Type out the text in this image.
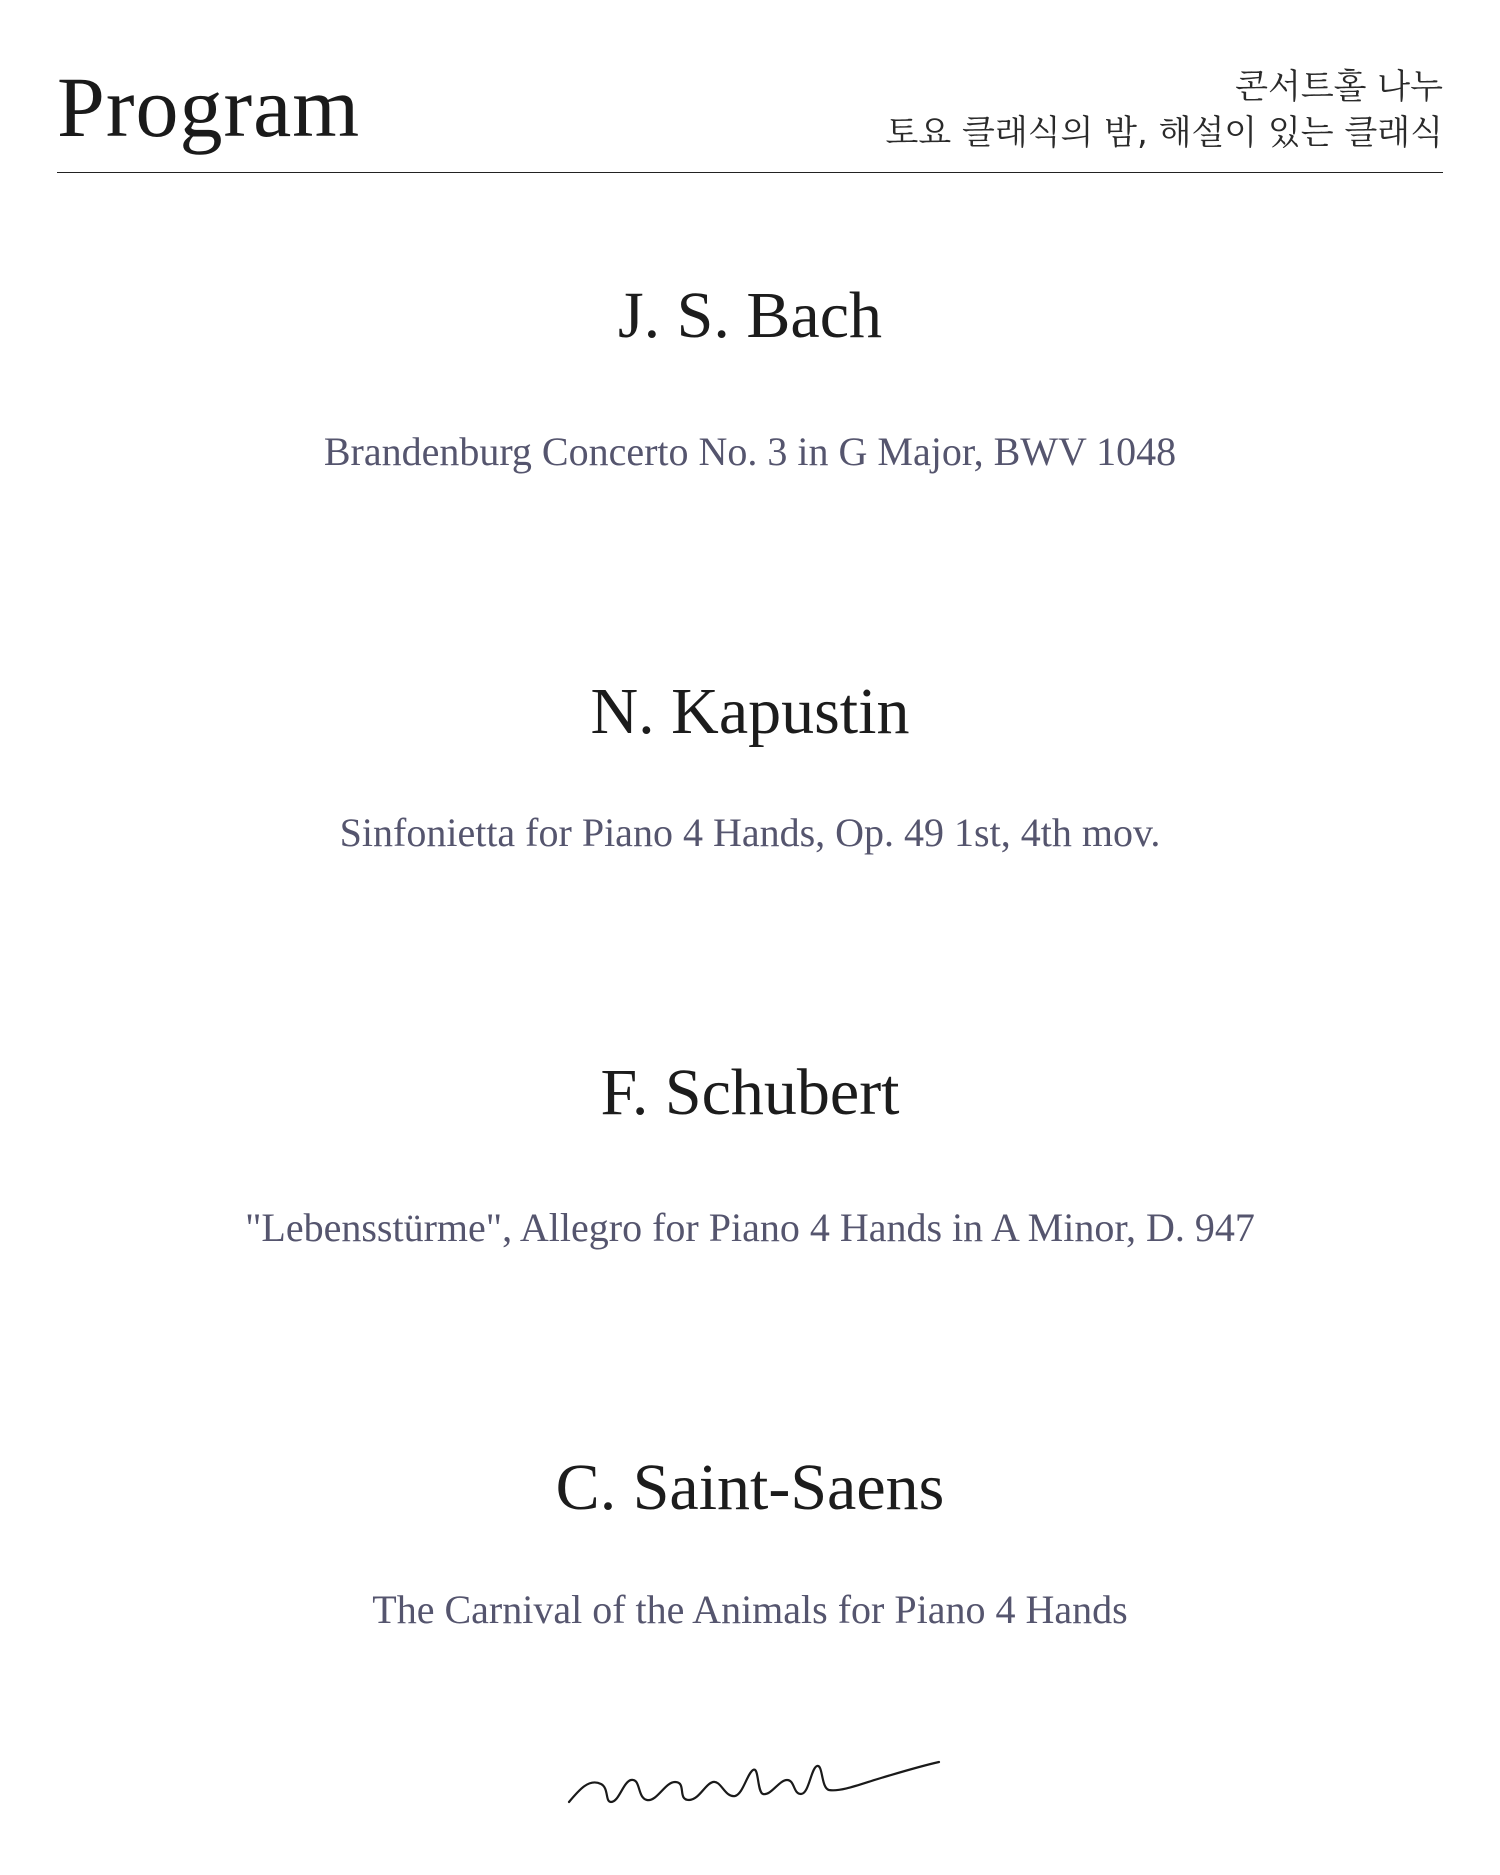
Program	콘서트홀 나누
토요 클래식의 밤, 해설이 있는 클래식
J. S. Bach
Brandenburg Concerto No. 3 in G Major, BWV 1048
N. Kapustin
Sinfonietta for Piano 4 Hands, Op. 49 1st, 4th mov.
F. Schubert
"Lebensstürme", Allegro for Piano 4 Hands in A Minor, D. 947
C. Saint-Saens
The Carnival of the Animals for Piano 4 Hands
